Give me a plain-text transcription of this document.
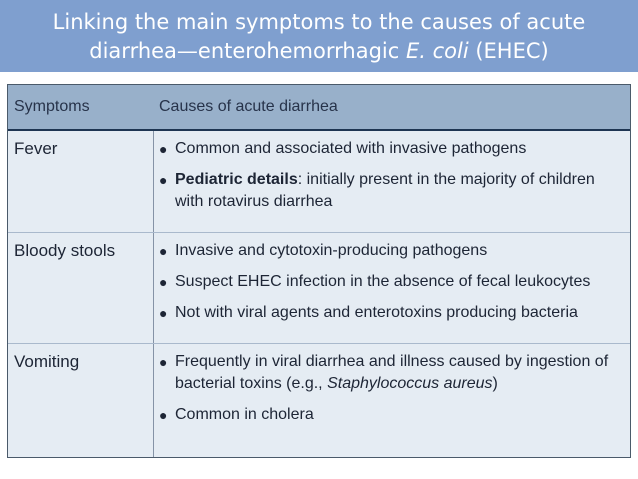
Linking the main symptoms to the causes of acute
diarrhea—enterohemorrhagic E. coli (EHEC)
Symptoms	Causes of acute diarrhea
Fever	● Common and associated with invasive pathogens
● Pediatric details: initially present in the majority of children with rotavirus diarrhea
Bloody stools	● Invasive and cytotoxin-producing pathogens
● Suspect EHEC infection in the absence of fecal leukocytes
● Not with viral agents and enterotoxins producing bacteria
Vomiting	● Frequently in viral diarrhea and illness caused by ingestion of bacterial toxins (e.g., Staphylococcus aureus)
● Common in cholera
